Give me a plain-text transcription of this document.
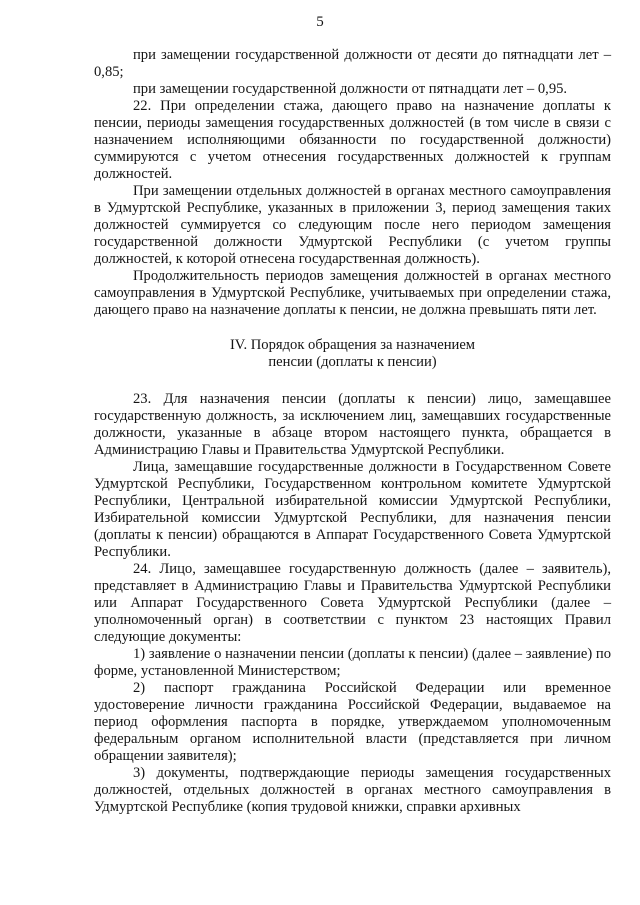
5

при замещении государственной должности от десяти до пятнадцати лет – 0,85;

при замещении государственной должности от пятнадцати лет – 0,95.

22. При определении стажа, дающего право на назначение доплаты к пенсии, периоды замещения государственных должностей (в том числе в связи с назначением исполняющими обязанности по государственной должности) суммируются с учетом отнесения государственных должностей к группам должностей.

При замещении отдельных должностей в органах местного самоуправления в Удмуртской Республике, указанных в приложении 3, период замещения таких должностей суммируется со следующим после него периодом замещения государственной должности Удмуртской Республики (с учетом группы должностей, к которой отнесена государственная должность).

Продолжительность периодов замещения должностей в органах местного самоуправления в Удмуртской Республике, учитываемых при определении стажа, дающего право на назначение доплаты к пенсии, не должна превышать пяти лет.

IV. Порядок обращения за назначением

пенсии (доплаты к пенсии)

23. Для назначения пенсии (доплаты к пенсии) лицо, замещавшее государственную должность, за исключением лиц, замещавших государственные должности, указанные в абзаце втором настоящего пункта, обращается в Администрацию Главы и Правительства Удмуртской Республики.

Лица, замещавшие государственные должности в Государственном Совете Удмуртской Республики, Государственном контрольном комитете Удмуртской Республики, Центральной избирательной комиссии Удмуртской Республики, Избирательной комиссии Удмуртской Республики, для назначения пенсии (доплаты к пенсии) обращаются в Аппарат Государственного Совета Удмуртской Республики.

24. Лицо, замещавшее государственную должность (далее – заявитель), представляет в Администрацию Главы и Правительства Удмуртской Республики или Аппарат Государственного Совета Удмуртской Республики (далее – уполномоченный орган) в соответствии с пунктом 23 настоящих Правил следующие документы:

1) заявление о назначении пенсии (доплаты к пенсии) (далее – заявление) по форме, установленной Министерством;

2) паспорт гражданина Российской Федерации или временное удостоверение личности гражданина Российской Федерации, выдаваемое на период оформления паспорта в порядке, утверждаемом уполномоченным федеральным органом исполнительной власти (представляется при личном обращении заявителя);

3) документы, подтверждающие периоды замещения государственных должностей, отдельных должностей в органах местного самоуправления в Удмуртской Республике (копия трудовой книжки, справки архивных
